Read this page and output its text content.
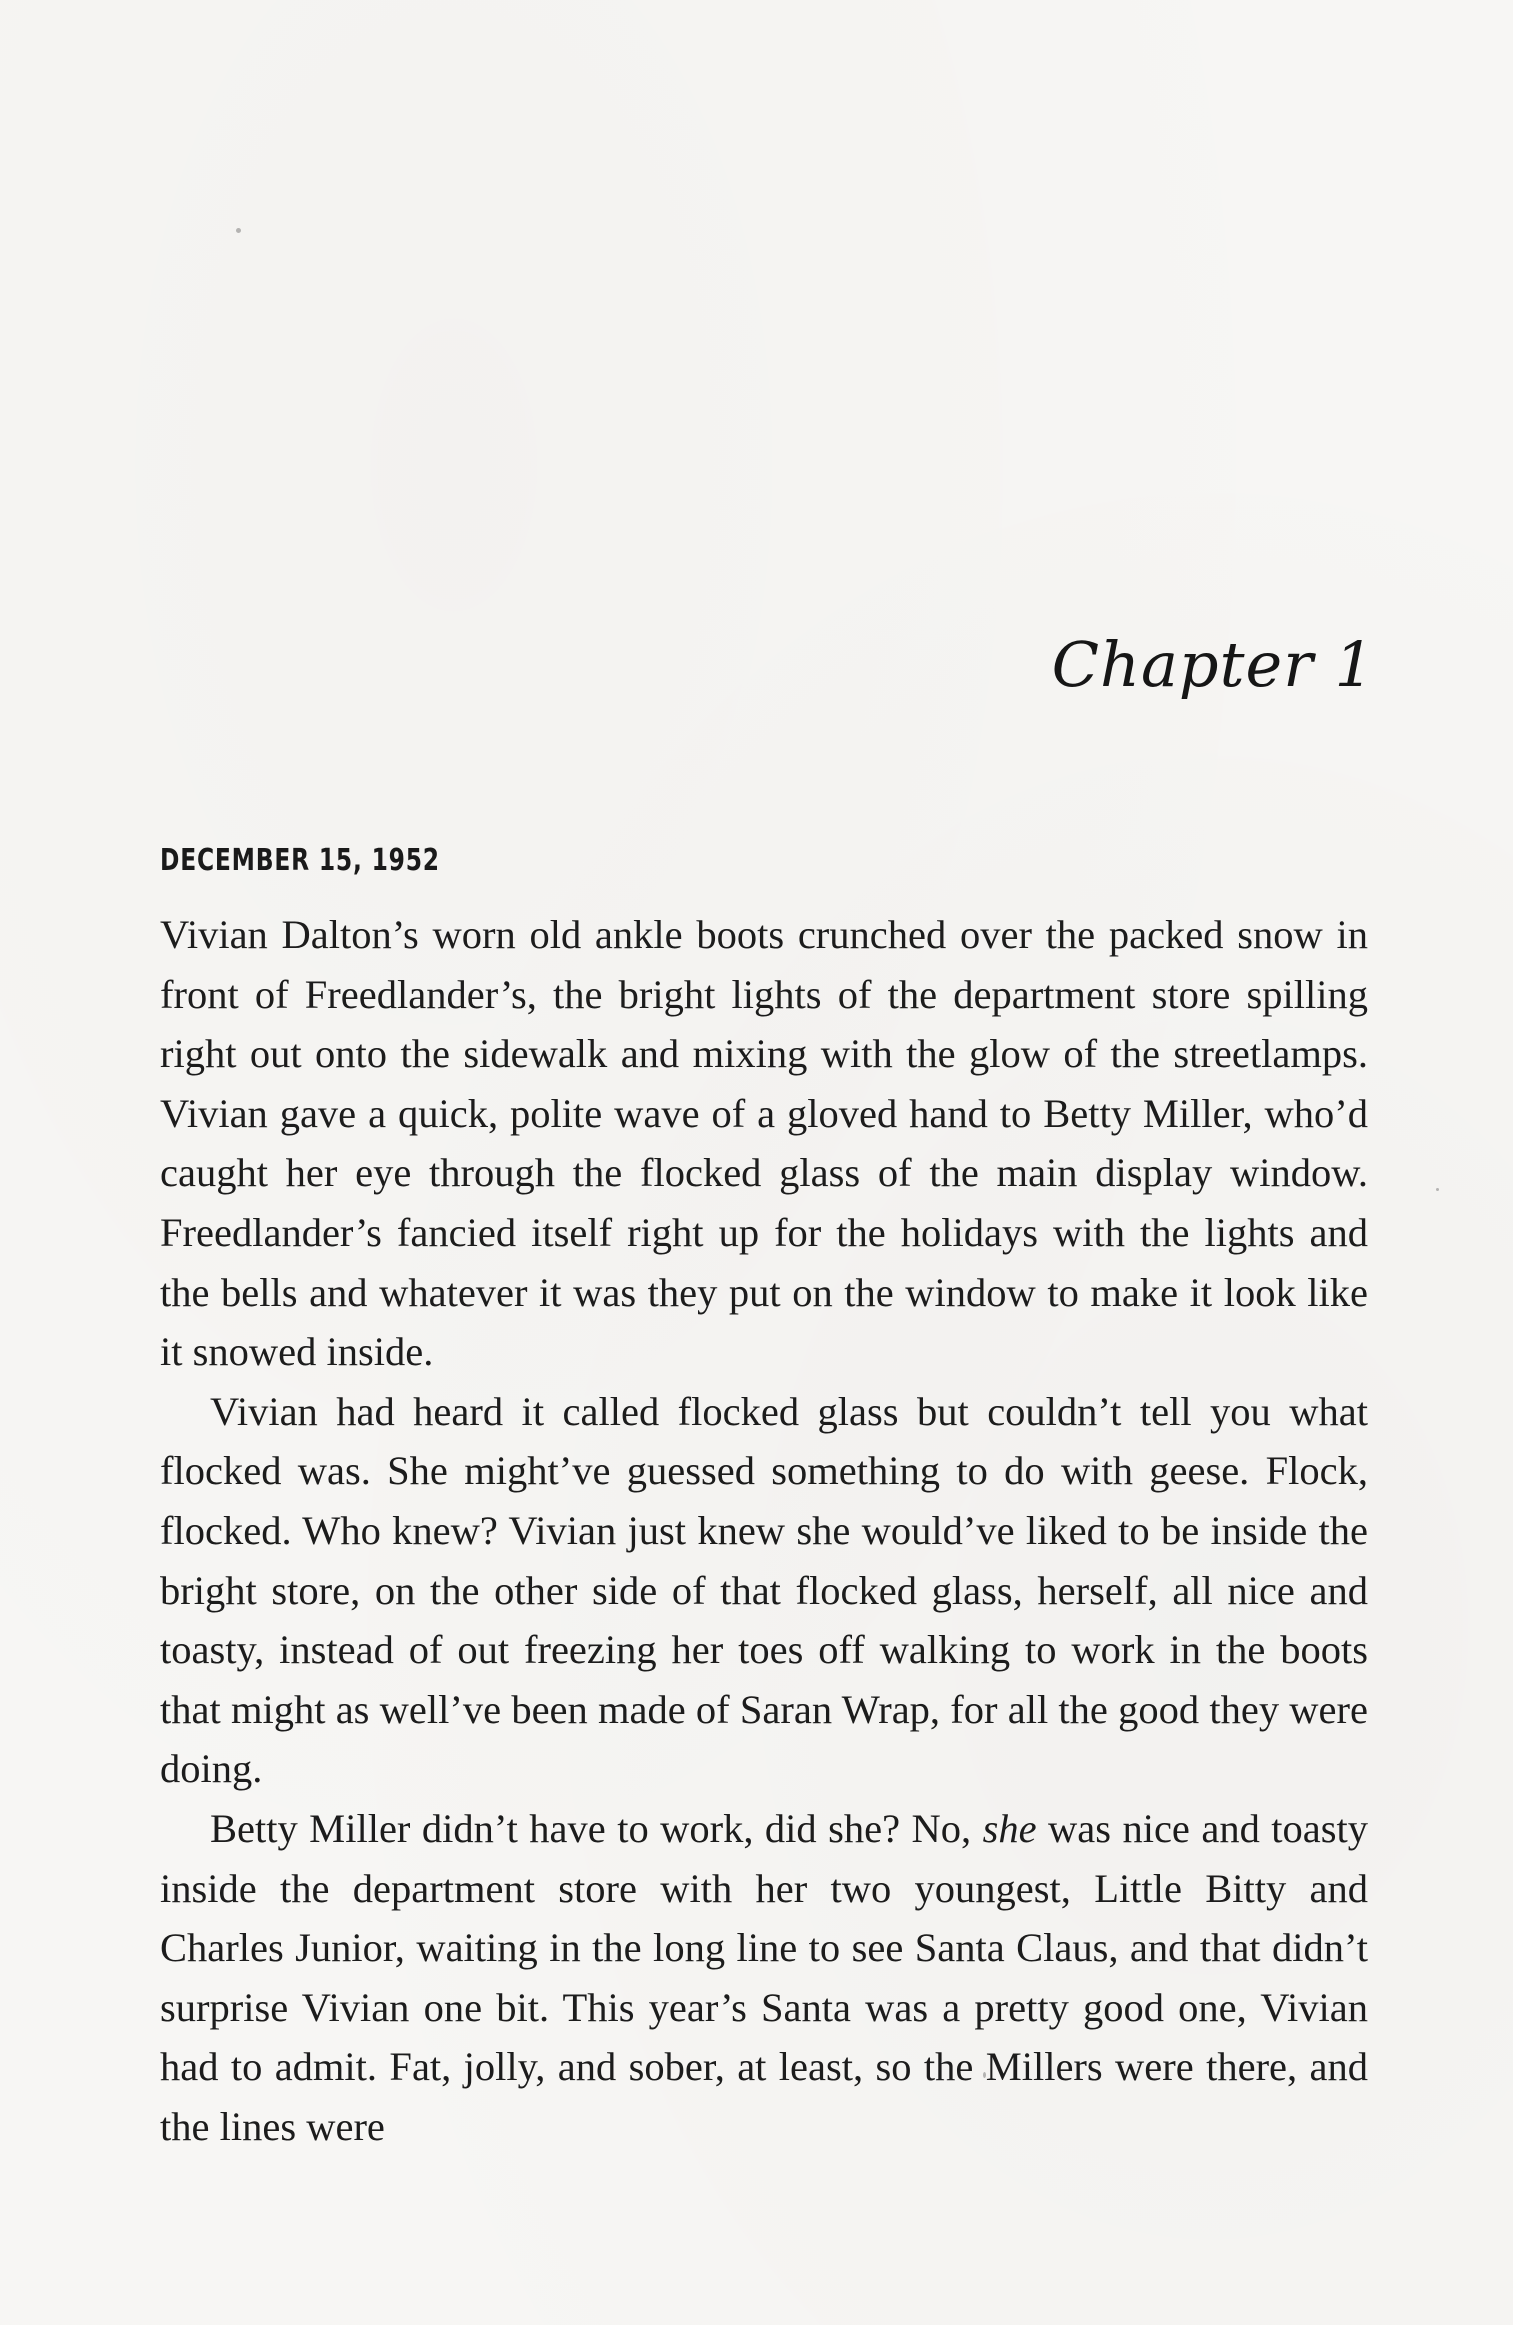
Chapter 1
DECEMBER 15, 1952

Vivian Dalton’s worn old ankle boots crunched over the packed snow in front of Freedlander’s, the bright lights of the department store spilling right out onto the sidewalk and mixing with the glow of the streetlamps. Vivian gave a quick, polite wave of a gloved hand to Betty Miller, who’d caught her eye through the flocked glass of the main display window. Freedlander’s fancied itself right up for the holidays with the lights and the bells and whatever it was they put on the window to make it look like it snowed inside.

Vivian had heard it called flocked glass but couldn’t tell you what flocked was. She might’ve guessed something to do with geese. Flock, flocked. Who knew? Vivian just knew she would’ve liked to be inside the bright store, on the other side of that flocked glass, herself, all nice and toasty, instead of out freezing her toes off walking to work in the boots that might as well’ve been made of Saran Wrap, for all the good they were doing.

Betty Miller didn’t have to work, did she? No, she was nice and toasty inside the department store with her two youngest, Little Bitty and Charles Junior, waiting in the long line to see Santa Claus, and that didn’t surprise Vivian one bit. This year’s Santa was a pretty good one, Vivian had to admit. Fat, jolly, and sober, at least, so the Millers were there, and the lines were
